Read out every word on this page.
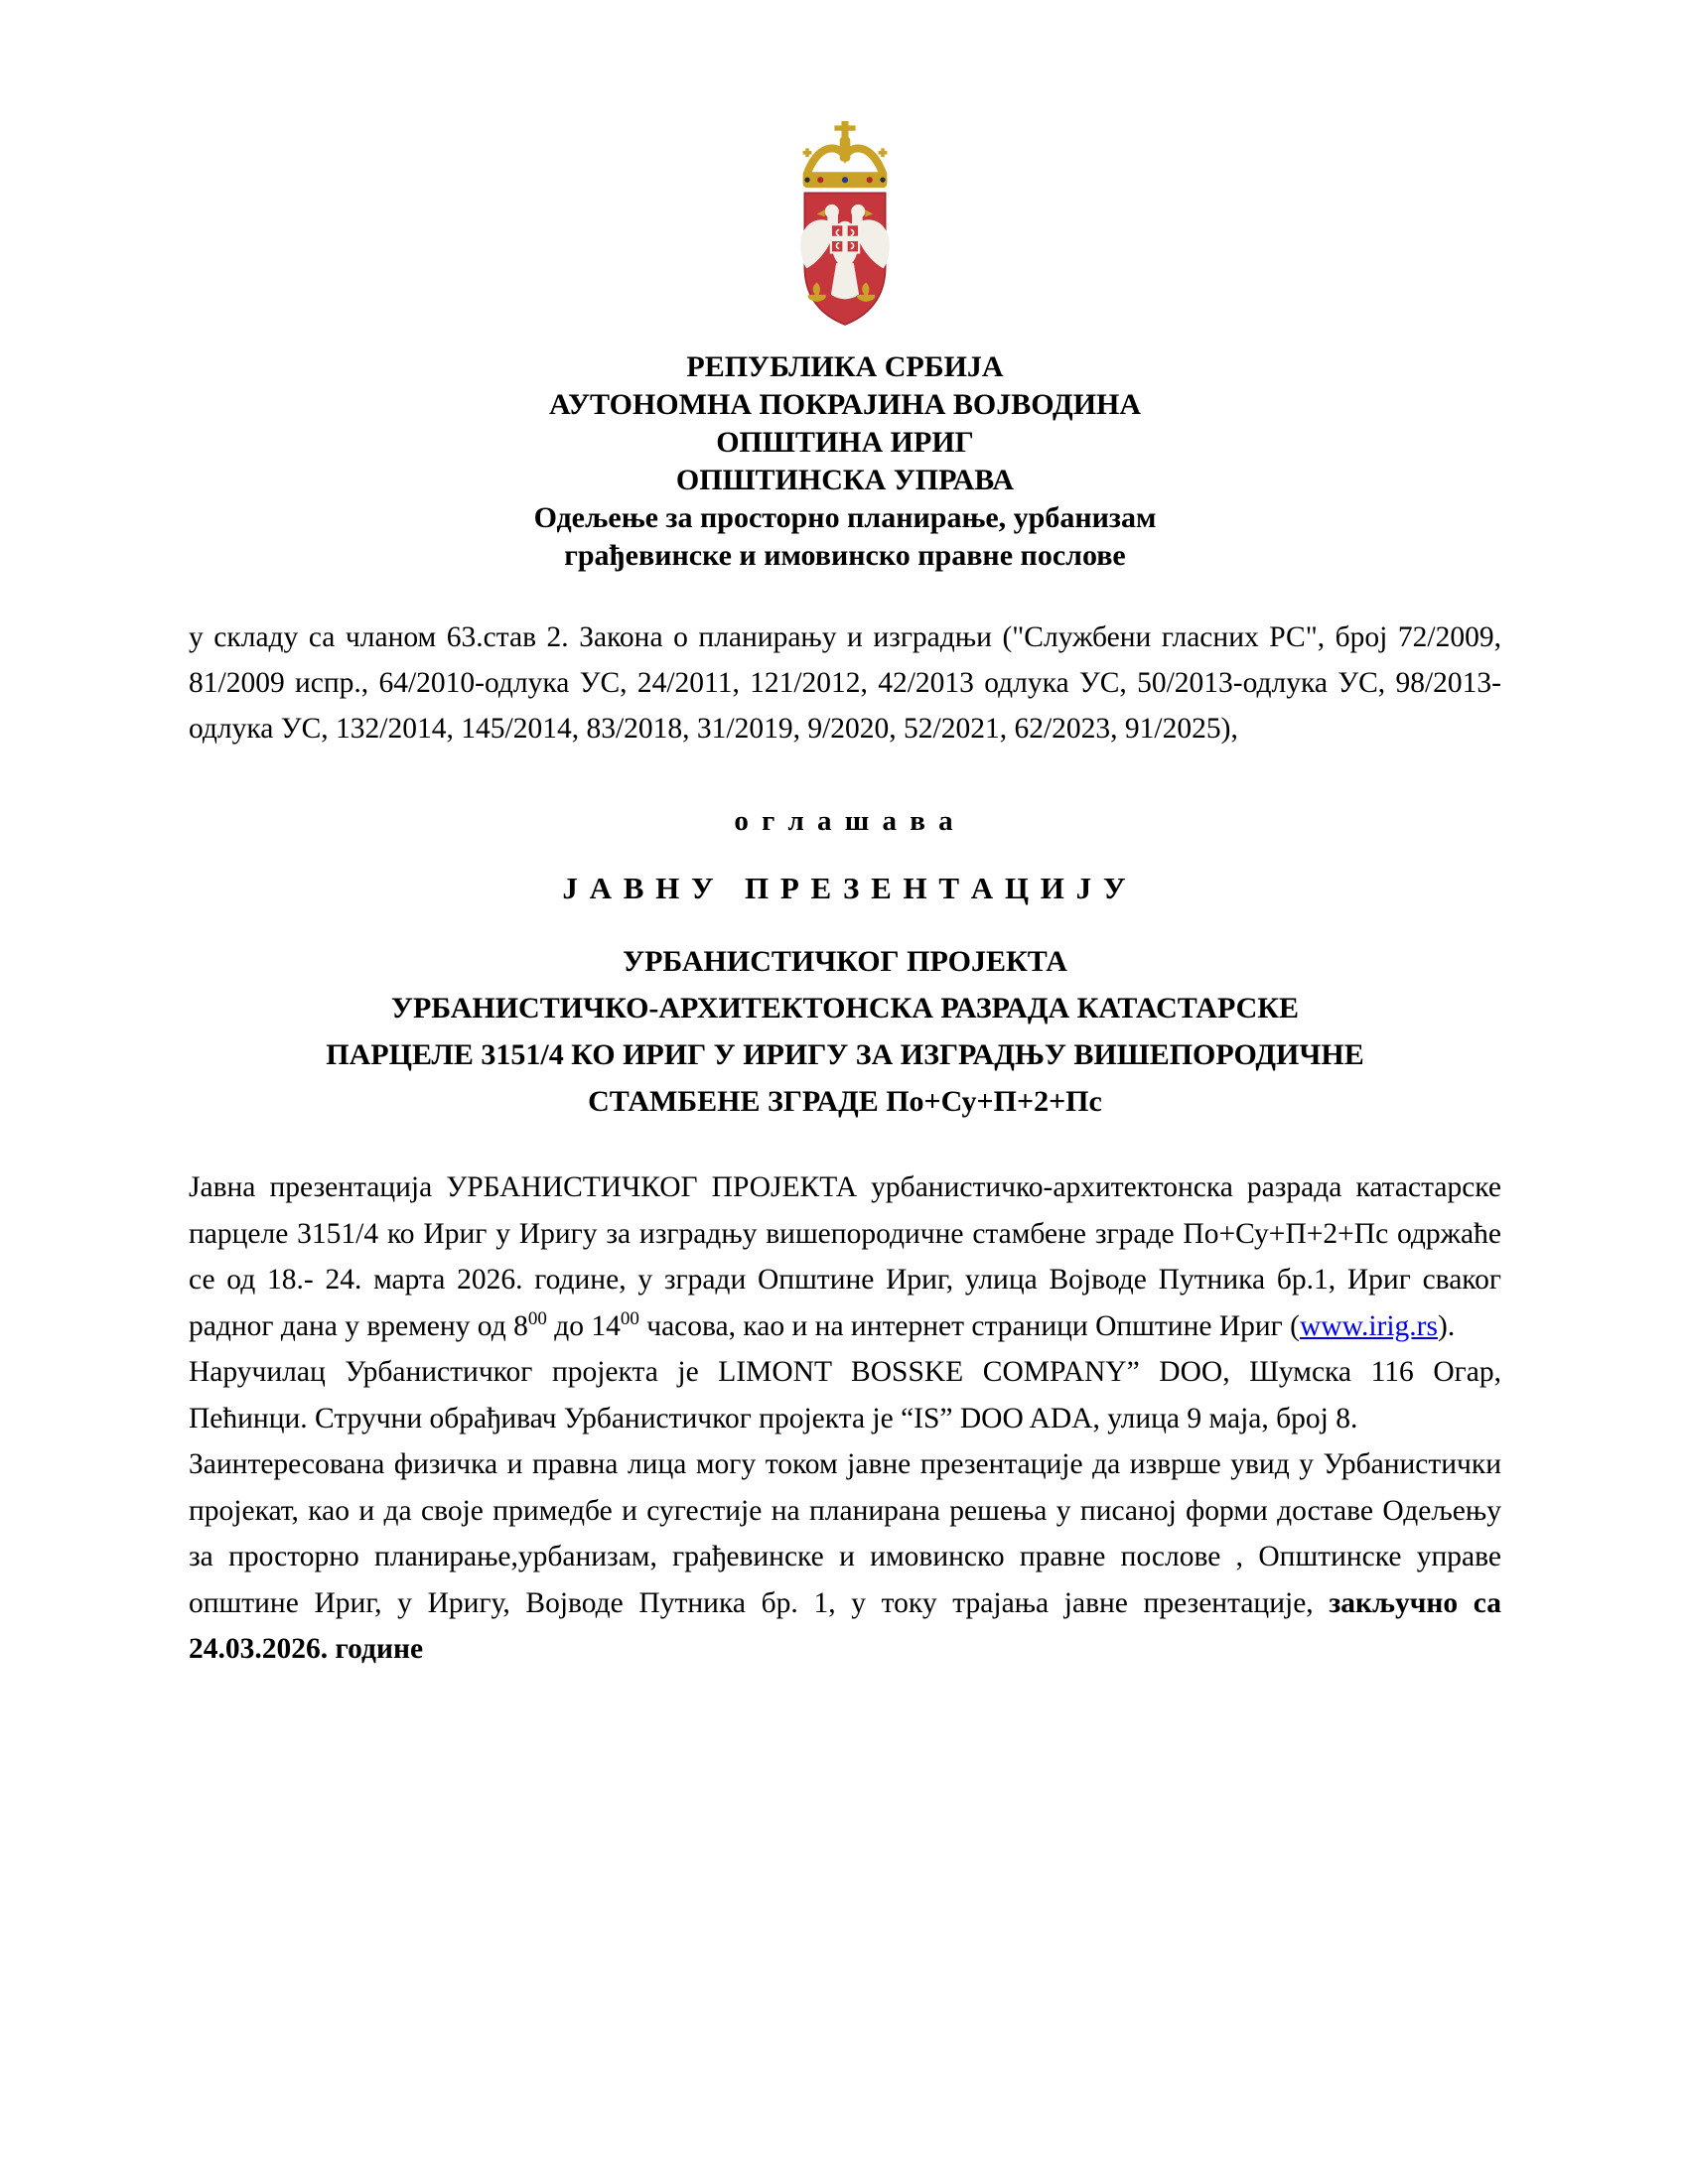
РЕПУБЛИКА СРБИЈА
АУТОНОМНА ПОКРАЈИНА ВОЈВОДИНА
ОПШТИНА ИРИГ
ОПШТИНСКА УПРАВА
Одељење за просторно планирање, урбанизам
грађевинске и имовинско правне послове
у складу са чланом 63.став 2. Закона о планирању и изградњи ("Службени гласних РС", број 72/2009, 81/2009 испр., 64/2010-одлука УС, 24/2011, 121/2012, 42/2013 одлука УС, 50/2013-одлука УС, 98/2013-одлука УС, 132/2014, 145/2014, 83/2018, 31/2019, 9/2020, 52/2021, 62/2023, 91/2025),
о г л а ш а в а
Ј А В Н У   П Р Е З Е Н Т А Ц И Ј У
УРБАНИСТИЧКОГ ПРОЈЕКТА
УРБАНИСТИЧКО-АРХИТЕКТОНСКА РАЗРАДА КАТАСТАРСКЕ
ПАРЦЕЛЕ 3151/4 КО ИРИГ У ИРИГУ ЗА ИЗГРАДЊУ ВИШЕПОРОДИЧНЕ
СТАМБЕНЕ ЗГРАДЕ По+Су+П+2+Пс

Јавна презентација УРБАНИСТИЧКОГ ПРОЈЕКТА урбанистичко-архитектонска разрада катастарске парцеле 3151/4 ко Ириг у Иригу за изградњу вишепородичне стамбене зграде По+Су+П+2+Пс одржаће се од 18.- 24. марта 2026. године, у згради Општине Ириг, улица Војводе Путника бр.1, Ириг сваког радног дана у времену од $8^{00}$ до $14^{00}$ часова, као и на интернет страници Општине Ириг (www.irig.rs).

Наручилац Урбанистичког пројекта је LIMONT BOSSKE COMPANY” DOO, Шумска 116 Огар, Пећинци. Стручни обрађивач Урбанистичког пројекта је “IS” DOO ADA, улица 9 маја, број 8.

Заинтересована физичка и правна лица могу током јавне презентације да изврше увид у Урбанистички пројекат, као и да своје примедбе и сугестије на планирана решења у писаној форми доставе Одељењу за просторно планирање,урбанизам, грађевинске и имовинско правне послове , Општинске управе општине Ириг, у Иригу, Војводе Путника бр. 1, у току трајања јавне презентације, закључно са 24.03.2026. године
